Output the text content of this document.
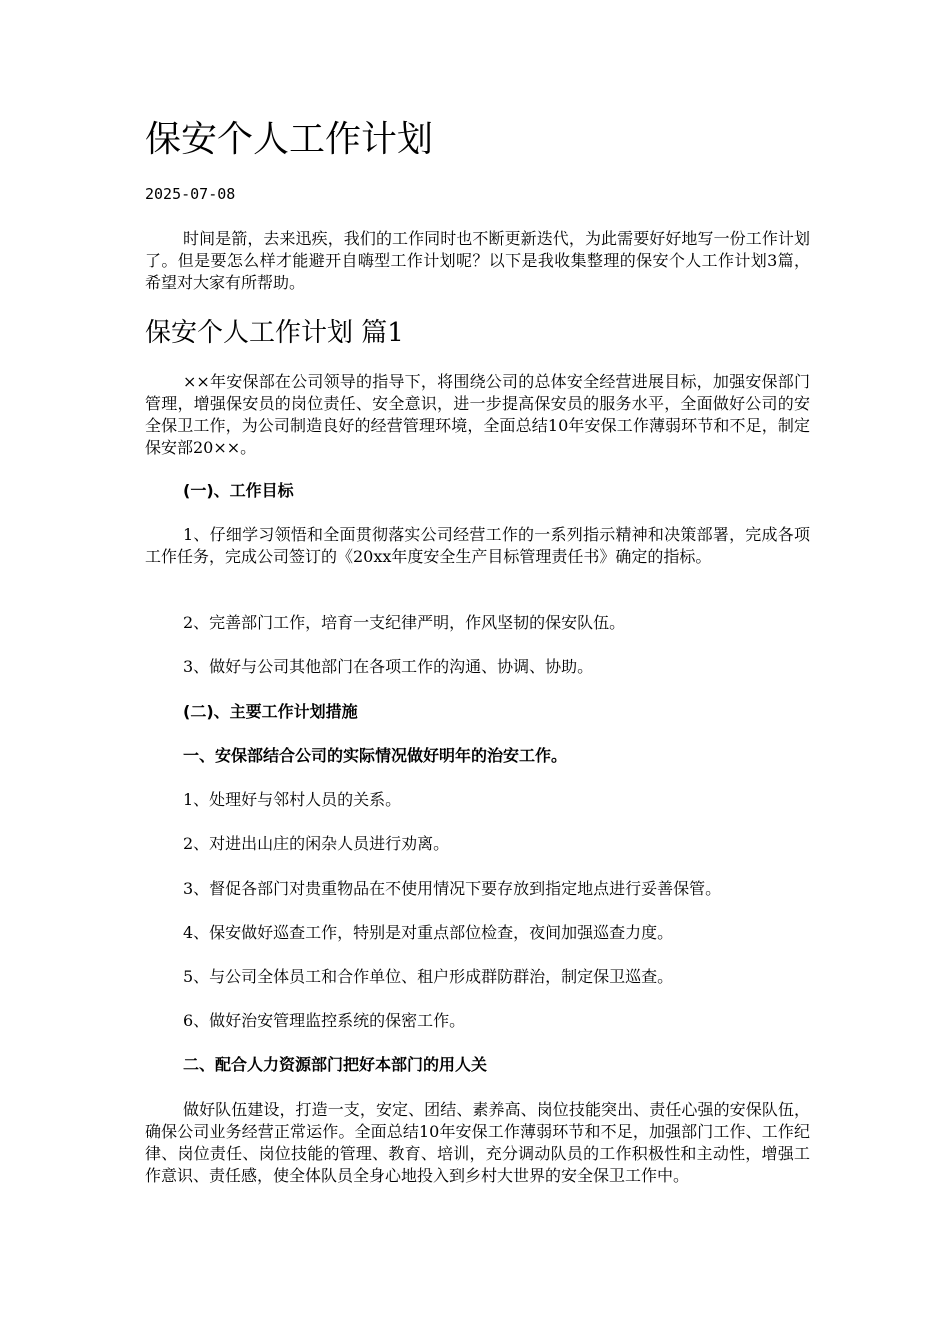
保安个人工作计划
2025-07-08

时间是箭，去来迅疾，我们的工作同时也不断更新迭代，为此需要好好地写一份工作计划了。但是要怎么样才能避开自嗨型工作计划呢？以下是我收集整理的保安个人工作计划3篇，希望对大家有所帮助。

保安个人工作计划 篇1

××年安保部在公司领导的指导下，将围绕公司的总体安全经营进展目标，加强安保部门管理，增强保安员的岗位责任、安全意识，进一步提高保安员的服务水平，全面做好公司的安全保卫工作，为公司制造良好的经营管理环境，全面总结10年安保工作薄弱环节和不足，制定保安部20××。

(一)、工作目标

1、仔细学习领悟和全面贯彻落实公司经营工作的一系列指示精神和决策部署，完成各项工作任务，完成公司签订的《20xx年度安全生产目标管理责任书》确定的指标。

2、完善部门工作，培育一支纪律严明，作风坚韧的保安队伍。
3、做好与公司其他部门在各项工作的沟通、协调、协助。
(二)、主要工作计划措施
一、安保部结合公司的实际情况做好明年的治安工作。
1、处理好与邻村人员的关系。
2、对进出山庄的闲杂人员进行劝离。
3、督促各部门对贵重物品在不使用情况下要存放到指定地点进行妥善保管。
4、保安做好巡查工作，特别是对重点部位检查，夜间加强巡查力度。
5、与公司全体员工和合作单位、租户形成群防群治，制定保卫巡查。
6、做好治安管理监控系统的保密工作。
二、配合人力资源部门把好本部门的用人关

做好队伍建设，打造一支，安定、团结、素养高、岗位技能突出、责任心强的安保队伍，确保公司业务经营正常运作。全面总结10年安保工作薄弱环节和不足，加强部门工作、工作纪律、岗位责任、岗位技能的管理、教育、培训，充分调动队员的工作积极性和主动性，增强工作意识、责任感，使全体队员全身心地投入到乡村大世界的安全保卫工作中。
